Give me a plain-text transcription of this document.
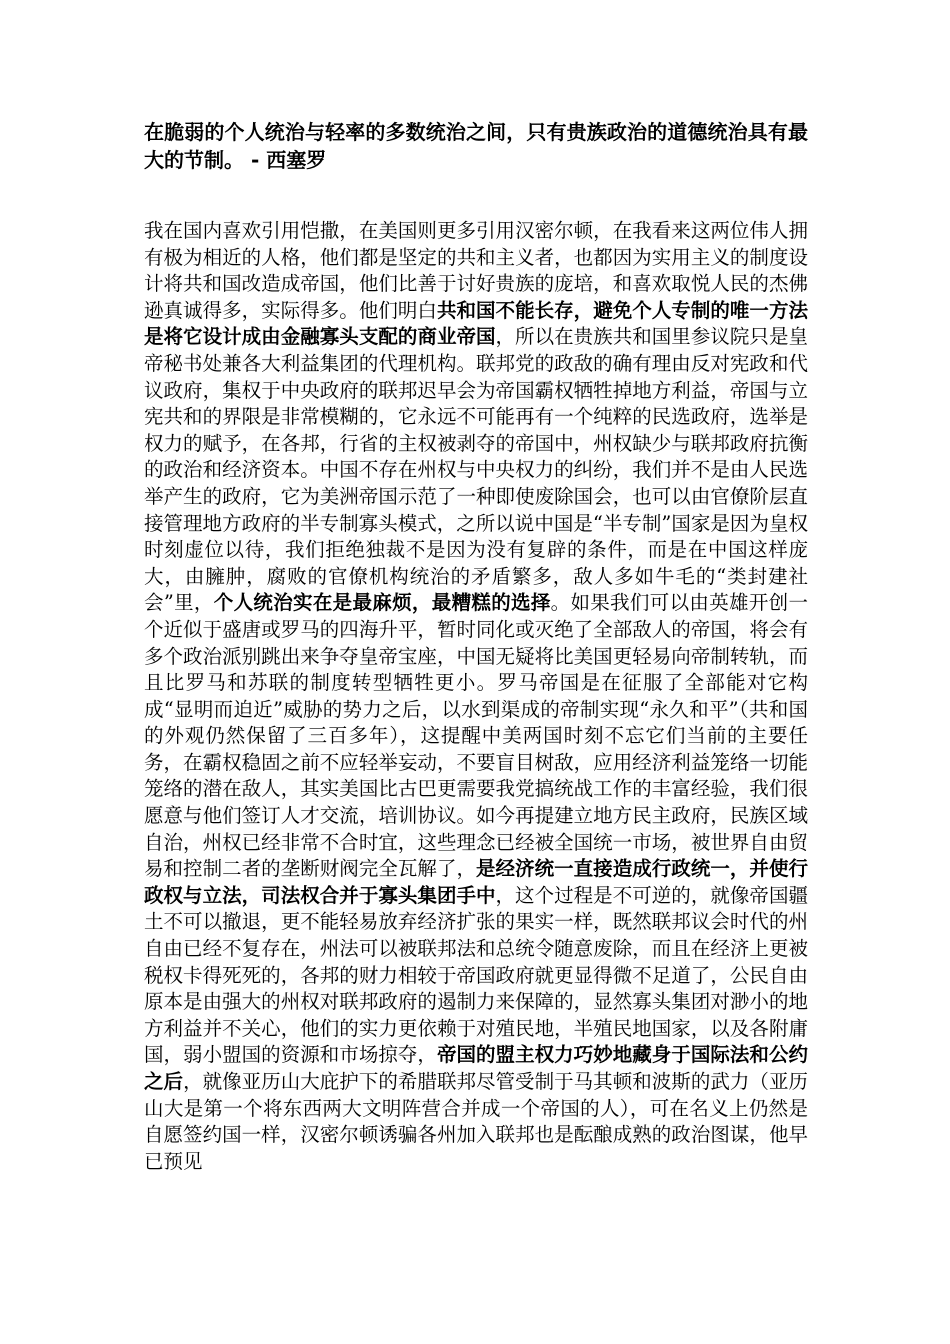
在脆弱的个人统治与轻率的多数统治之间，只有贵族政治的道德统治具有最大的节制。 - 西塞罗

我在国内喜欢引用恺撒，在美国则更多引用汉密尔顿，在我看来这两位伟人拥有极为相近的人格，他们都是坚定的共和主义者，也都因为实用主义的制度设计将共和国改造成帝国，他们比善于讨好贵族的庞培，和喜欢取悦人民的杰佛逊真诚得多，实际得多。他们明白共和国不能长存，避免个人专制的唯一方法是将它设计成由金融寡头支配的商业帝国，所以在贵族共和国里参议院只是皇帝秘书处兼各大利益集团的代理机构。联邦党的政敌的确有理由反对宪政和代议政府，集权于中央政府的联邦迟早会为帝国霸权牺牲掉地方利益，帝国与立宪共和的界限是非常模糊的，它永远不可能再有一个纯粹的民选政府，选举是权力的赋予，在各邦，行省的主权被剥夺的帝国中，州权缺少与联邦政府抗衡的政治和经济资本。中国不存在州权与中央权力的纠纷，我们并不是由人民选举产生的政府，它为美洲帝国示范了一种即使废除国会，也可以由官僚阶层直接管理地方政府的半专制寡头模式，之所以说中国是“半专制”国家是因为皇权时刻虚位以待，我们拒绝独裁不是因为没有复辟的条件，而是在中国这样庞大，由臃肿，腐败的官僚机构统治的矛盾繁多，敌人多如牛毛的“类封建社会”里，个人统治实在是最麻烦，最糟糕的选择。如果我们可以由英雄开创一个近似于盛唐或罗马的四海升平，暂时同化或灭绝了全部敌人的帝国，将会有多个政治派别跳出来争夺皇帝宝座，中国无疑将比美国更轻易向帝制转轨，而且比罗马和苏联的制度转型牺牲更小。罗马帝国是在征服了全部能对它构成“显明而迫近”威胁的势力之后，以水到渠成的帝制实现“永久和平”（共和国的外观仍然保留了三百多年），这提醒中美两国时刻不忘它们当前的主要任务，在霸权稳固之前不应轻举妄动，不要盲目树敌，应用经济利益笼络一切能笼络的潜在敌人，其实美国比古巴更需要我党搞统战工作的丰富经验，我们很愿意与他们签订人才交流，培训协议。如今再提建立地方民主政府，民族区域自治，州权已经非常不合时宜，这些理念已经被全国统一市场，被世界自由贸易和控制二者的垄断财阀完全瓦解了，是经济统一直接造成行政统一，并使行政权与立法，司法权合并于寡头集团手中，这个过程是不可逆的，就像帝国疆土不可以撤退，更不能轻易放弃经济扩张的果实一样，既然联邦议会时代的州自由已经不复存在，州法可以被联邦法和总统令随意废除，而且在经济上更被税权卡得死死的，各邦的财力相较于帝国政府就更显得微不足道了，公民自由原本是由强大的州权对联邦政府的遏制力来保障的，显然寡头集团对渺小的地方利益并不关心，他们的实力更依赖于对殖民地，半殖民地国家，以及各附庸国，弱小盟国的资源和市场掠夺，帝国的盟主权力巧妙地藏身于国际法和公约之后，就像亚历山大庇护下的希腊联邦尽管受制于马其顿和波斯的武力（亚历山大是第一个将东西两大文明阵营合并成一个帝国的人），可在名义上仍然是自愿签约国一样，汉密尔顿诱骗各州加入联邦也是酝酿成熟的政治图谋，他早已预见
